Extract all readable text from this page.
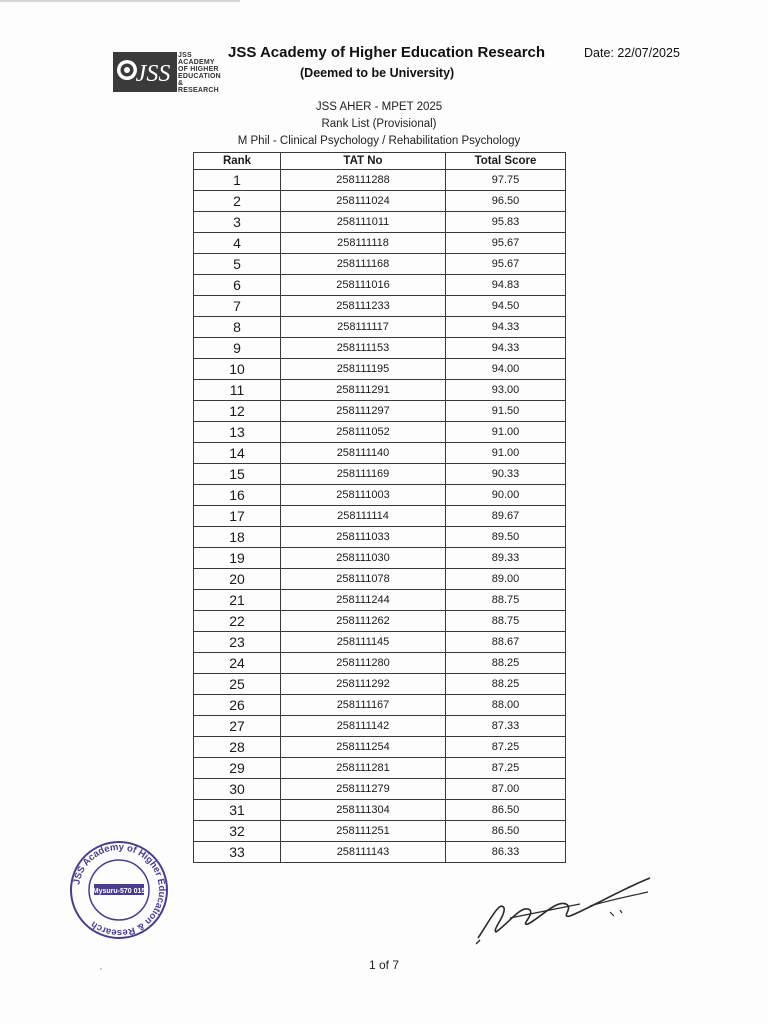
JSS
JSS
ACADEMY
OF HIGHER
EDUCATION
& RESEARCH
JSS Academy of Higher Education Research
(Deemed to be University)
Date: 22/07/2025
JSS AHER - MPET 2025
Rank List (Provisional)
M Phil - Clinical Psychology / Rehabilitation Psychology
Rank	TAT No	Total Score
1	258111288	97.75
2	258111024	96.50
3	258111011	95.83
4	258111118	95.67
5	258111168	95.67
6	258111016	94.83
7	258111233	94.50
8	258111117	94.33
9	258111153	94.33
10	258111195	94.00
11	258111291	93.00
12	258111297	91.50
13	258111052	91.00
14	258111140	91.00
15	258111169	90.33
16	258111003	90.00
17	258111114	89.67
18	258111033	89.50
19	258111030	89.33
20	258111078	89.00
21	258111244	88.75
22	258111262	88.75
23	258111145	88.67
24	258111280	88.25
25	258111292	88.25
26	258111167	88.00
27	258111142	87.33
28	258111254	87.25
29	258111281	87.25
30	258111279	87.00
31	258111304	86.50
32	258111251	86.50
33	258111143	86.33
JSS Academy of Higher Education & Research
Mysuru-570 015
1 of 7
